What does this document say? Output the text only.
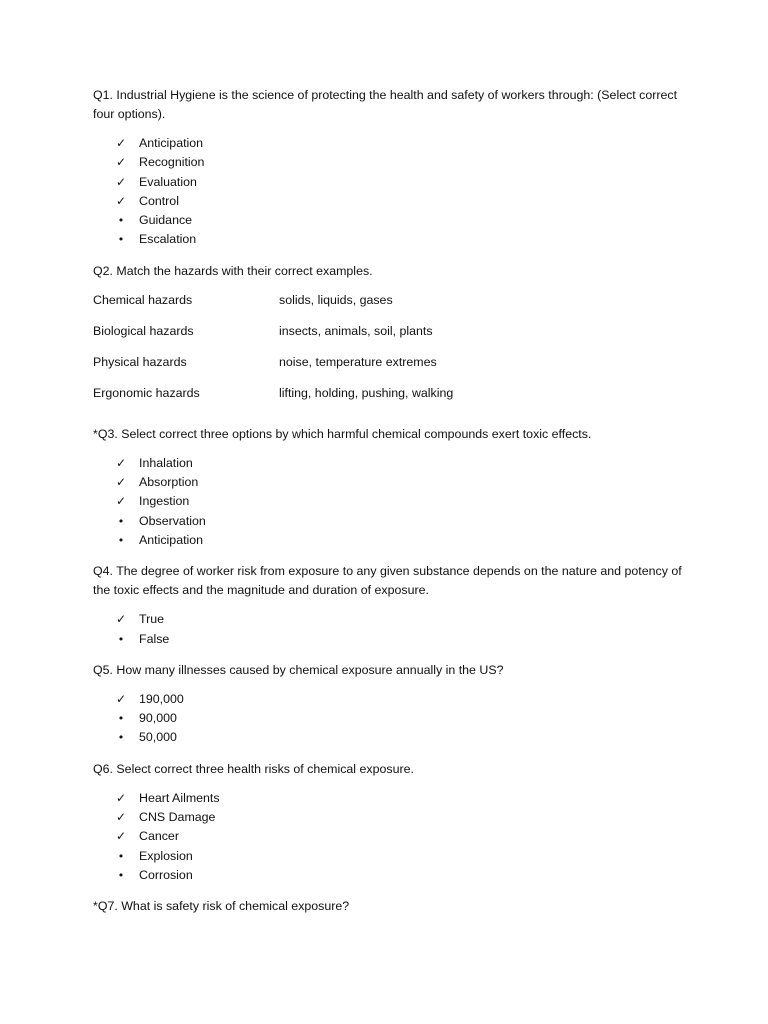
Q1. Industrial Hygiene is the science of protecting the health and safety of workers through: (Select correct four options).

✓ Anticipation
✓ Recognition
✓ Evaluation
✓ Control
•	Guidance
•	Escalation

Q2. Match the hazards with their correct examples.

Chemical hazards	solids, liquids, gases
Biological hazards	insects, animals, soil, plants
Physical hazards	noise, temperature extremes
Ergonomic hazards	lifting, holding, pushing, walking

*Q3. Select correct three options by which harmful chemical compounds exert toxic effects.

✓ Inhalation
✓ Absorption
✓ Ingestion
•	Observation
•	Anticipation

Q4. The degree of worker risk from exposure to any given substance depends on the nature and potency of the toxic effects and the magnitude and duration of exposure.

✓ True
•	False

Q5. How many illnesses caused by chemical exposure annually in the US?

✓ 190,000
•	90,000
•	50,000

Q6. Select correct three health risks of chemical exposure.

✓ Heart Ailments
✓ CNS Damage
✓ Cancer
•	Explosion
•	Corrosion

*Q7. What is safety risk of chemical exposure?
